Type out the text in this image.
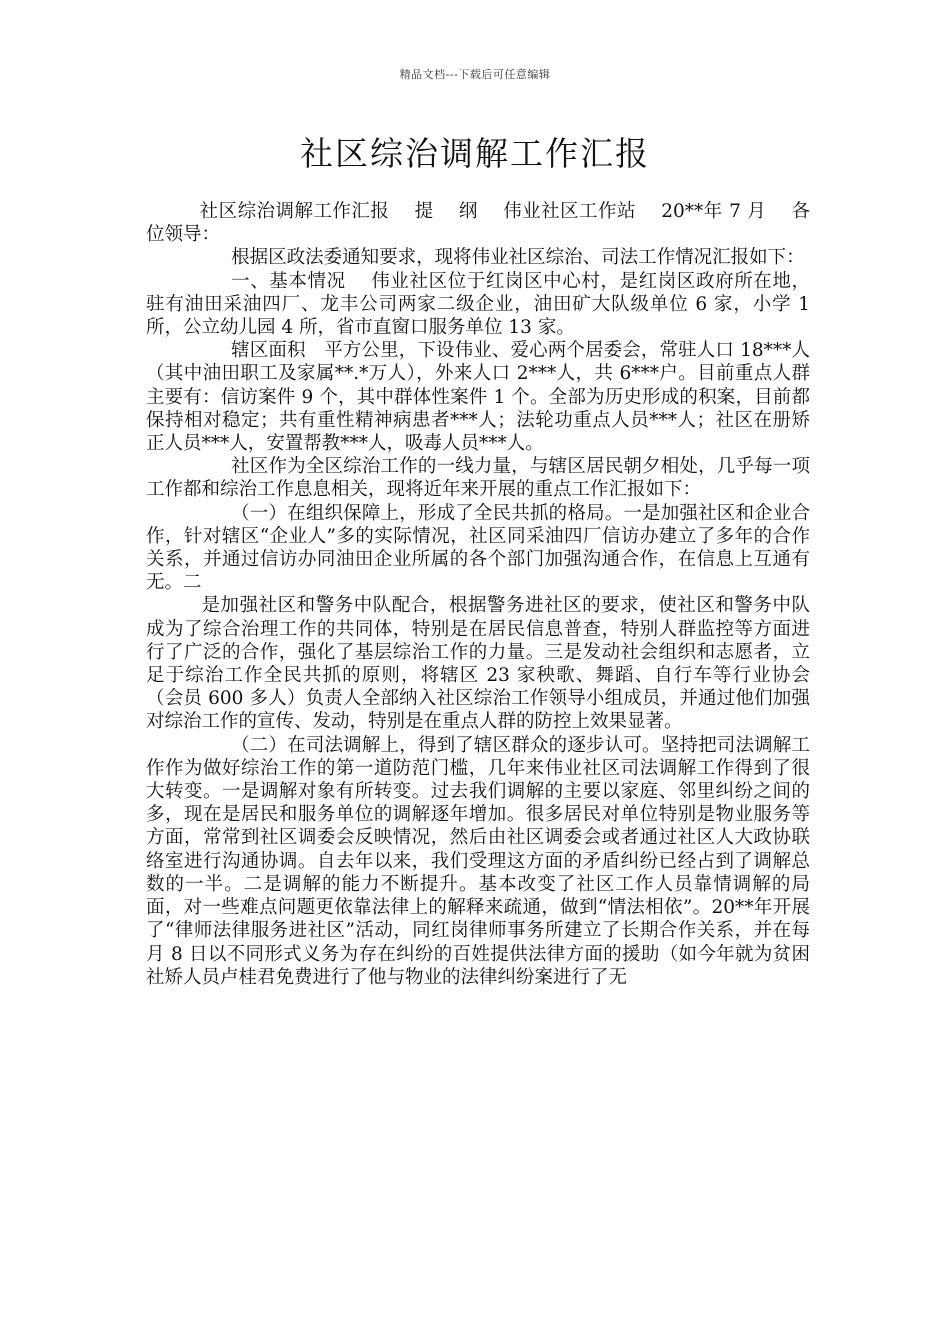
精品文档---下载后可任意编辑
社区综治调解工作汇报

社区综治调解工作汇报　 提　 纲　 伟业社区工作站　 20**年 7 月　 各位领导：

根据区政法委通知要求，现将伟业社区综治、司法工作情况汇报如下：

一、基本情况　 伟业社区位于红岗区中心村，是红岗区政府所在地，驻有油田采油四厂、龙丰公司两家二级企业，油田矿大队级单位 6 家，小学 1 所，公立幼儿园 4 所，省市直窗口服务单位 13 家。

辖区面积　平方公里，下设伟业、爱心两个居委会，常驻人口 18***人（其中油田职工及家属**.*万人），外来人口 2***人，共 6***户。目前重点人群主要有：信访案件 9 个，其中群体性案件 1 个。全部为历史形成的积案，目前都保持相对稳定；共有重性精神病患者***人；法轮功重点人员***人；社区在册矫正人员***人，安置帮教***人，吸毒人员***人。

社区作为全区综治工作的一线力量，与辖区居民朝夕相处，几乎每一项工作都和综治工作息息相关，现将近年来开展的重点工作汇报如下：

（一）在组织保障上，形成了全民共抓的格局。一是加强社区和企业合作，针对辖区“企业人”多的实际情况，社区同采油四厂信访办建立了多年的合作关系，并通过信访办同油田企业所属的各个部门加强沟通合作，在信息上互通有无。二

是加强社区和警务中队配合，根据警务进社区的要求，使社区和警务中队成为了综合治理工作的共同体，特别是在居民信息普查，特别人群监控等方面进行了广泛的合作，强化了基层综治工作的力量。三是发动社会组织和志愿者，立足于综治工作全民共抓的原则，将辖区 23 家秧歌、舞蹈、自行车等行业协会（会员 600 多人）负责人全部纳入社区综治工作领导小组成员，并通过他们加强对综治工作的宣传、发动，特别是在重点人群的防控上效果显著。

（二）在司法调解上，得到了辖区群众的逐步认可。坚持把司法调解工作作为做好综治工作的第一道防范门槛，几年来伟业社区司法调解工作得到了很大转变。一是调解对象有所转变。过去我们调解的主要以家庭、邻里纠纷之间的多，现在是居民和服务单位的调解逐年增加。很多居民对单位特别是物业服务等方面，常常到社区调委会反映情况，然后由社区调委会或者通过社区人大政协联络室进行沟通协调。自去年以来，我们受理这方面的矛盾纠纷已经占到了调解总数的一半。二是调解的能力不断提升。基本改变了社区工作人员靠情调解的局面，对一些难点问题更依靠法律上的解释来疏通，做到“情法相依”。20**年开展了“律师法律服务进社区”活动，同红岗律师事务所建立了长期合作关系，并在每月 8 日以不同形式义务为存在纠纷的百姓提供法律方面的援助（如今年就为贫困社矫人员卢桂君免费进行了他与物业的法律纠纷案进行了无
